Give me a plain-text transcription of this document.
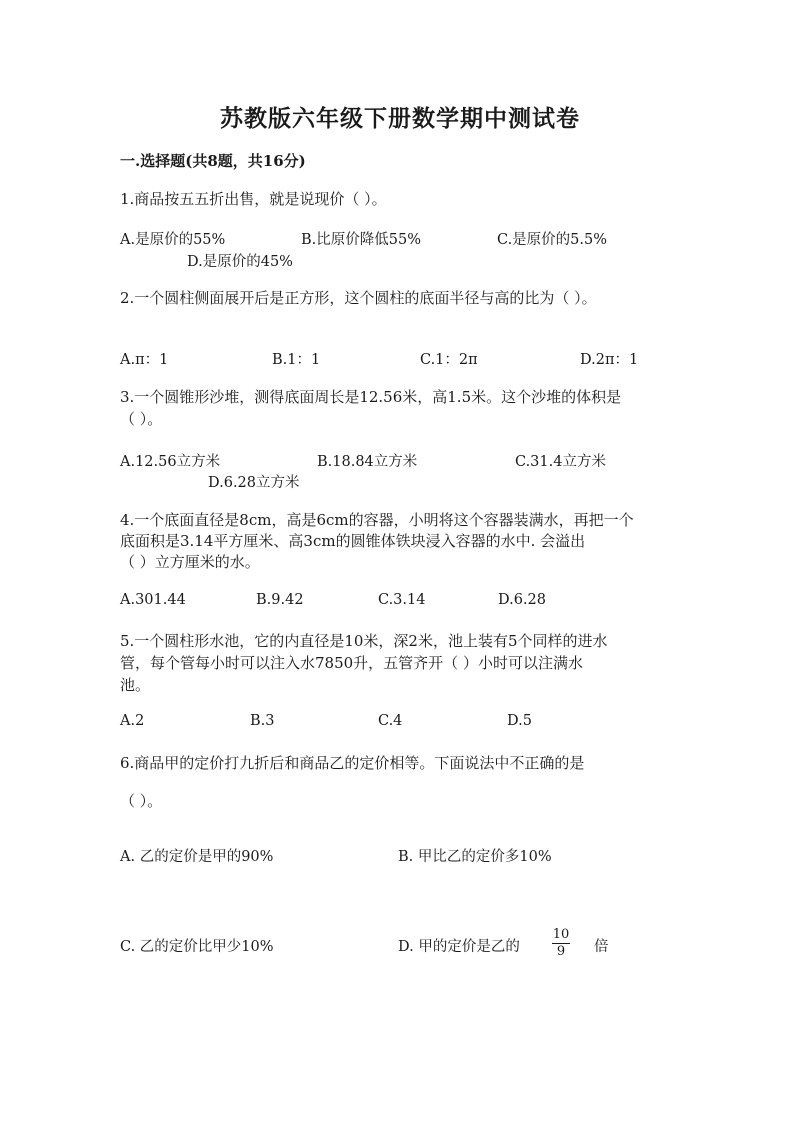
苏教版六年级下册数学期中测试卷
一.选择题(共8题，共16分)
1.商品按五五折出售，就是说现价（ ）。
A.是原价的55%	B.比原价降低55%	C.是原价的5.5%
D.是原价的45%
2.一个圆柱侧面展开后是正方形，这个圆柱的底面半径与高的比为（ ）。
A.π：1	B.1：1	C.1：2π	D.2π：1
3.一个圆锥形沙堆，测得底面周长是12.56米，高1.5米。这个沙堆的体积是
（ ）。
A.12.56立方米	B.18.84立方米	C.31.4立方米
D.6.28立方米
4.一个底面直径是8cm，高是6cm的容器，小明将这个容器装满水，再把一个
底面积是3.14平方厘米、高3cm的圆锥体铁块浸入容器的水中. 会溢出
（ ）立方厘米的水。
A.301.44	B.9.42	C.3.14	D.6.28
5.一个圆柱形水池，它的内直径是10米，深2米，池上装有5个同样的进水
管，每个管每小时可以注入水7850升，五管齐开（ ）小时可以注满水
池。
A.2	B.3	C.4	D.5
6.商品甲的定价打九折后和商品乙的定价相等。下面说法中不正确的是
（ ）。
A. 乙的定价是甲的90%	B. 甲比乙的定价多10%
C. 乙的定价比甲少10%	D. 甲的定价是乙的
10
9 倍
